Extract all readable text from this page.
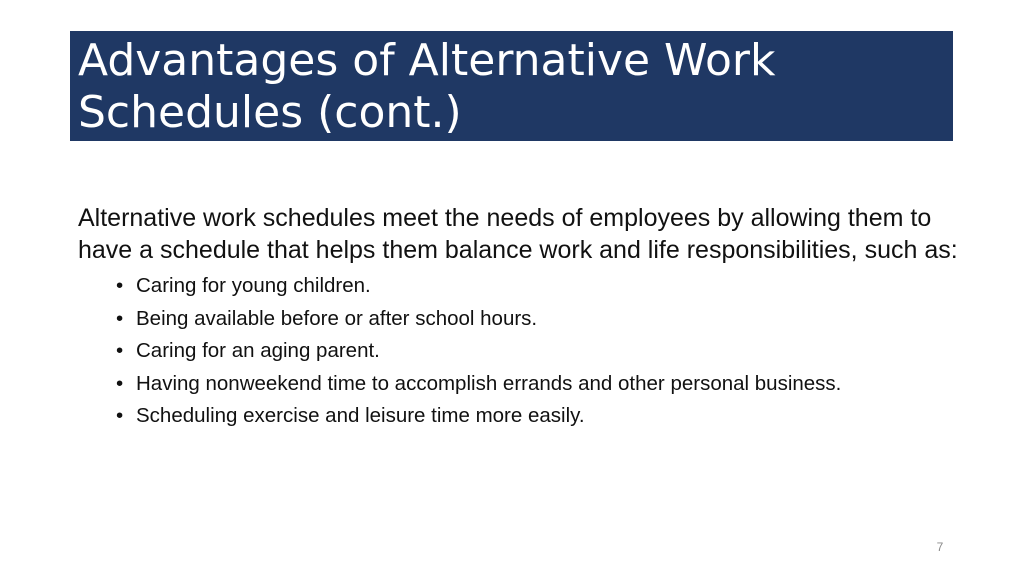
Advantages of Alternative Work Schedules (cont.)

Alternative work schedules meet the needs of employees by allowing them to have a schedule that helps them balance work and life responsibilities, such as:

• Caring for young children.
• Being available before or after school hours.
• Caring for an aging parent.
• Having nonweekend time to accomplish errands and other personal business.
• Scheduling exercise and leisure time more easily.
7
